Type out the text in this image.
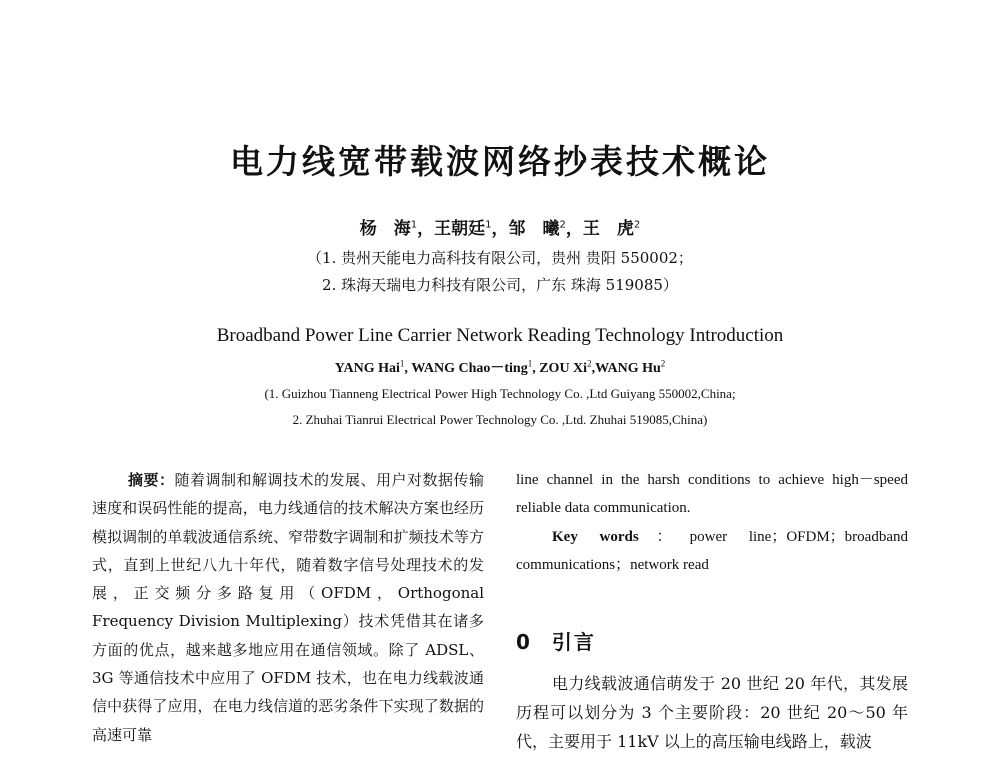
电力线宽带载波网络抄表技术概论
杨　海$^1$，王朝廷$^1$，邹　曦$^2$，王　虎$^2$
（1. 贵州天能电力高科技有限公司，贵州 贵阳 550002；
2. 珠海天瑞电力科技有限公司，广东 珠海 519085）
Broadband Power Line Carrier Network Reading Technology Introduction
YANG Hai$^1$, WANG Chao－ting$^1$, ZOU Xi$^2$,WANG Hu$^2$
(1. Guizhou Tianneng Electrical Power High Technology Co. ,Ltd Guiyang 550002,China;
2. Zhuhai Tianrui Electrical Power Technology Co. ,Ltd. Zhuhai 519085,China)

摘要：随着调制和解调技术的发展、用户对数据传输速度和误码性能的提高，电力线通信的技术解决方案也经历模拟调制的单载波通信系统、窄带数字调制和扩频技术等方式，直到上世纪八九十年代，随着数字信号处理技术的发展，正交频分多路复用（OFDM，Orthogonal Frequency Division Multiplexing）技术凭借其在诸多方面的优点，越来越多地应用在通信领域。除了 ADSL、3G 等通信技术中应用了 OFDM 技术，也在电力线载波通信中获得了应用，在电力线信道的恶劣条件下实现了数据的高速可靠

line channel in the harsh conditions to achieve high－speed reliable data communication.

Key words：power line；OFDM；broadband communications；network read

0 引言

电力线载波通信萌发于 20 世纪 20 年代，其发展历程可以划分为 3 个主要阶段：20 世纪 20～50 年代，主要用于 11kV 以上的高压输电线路上，载波
